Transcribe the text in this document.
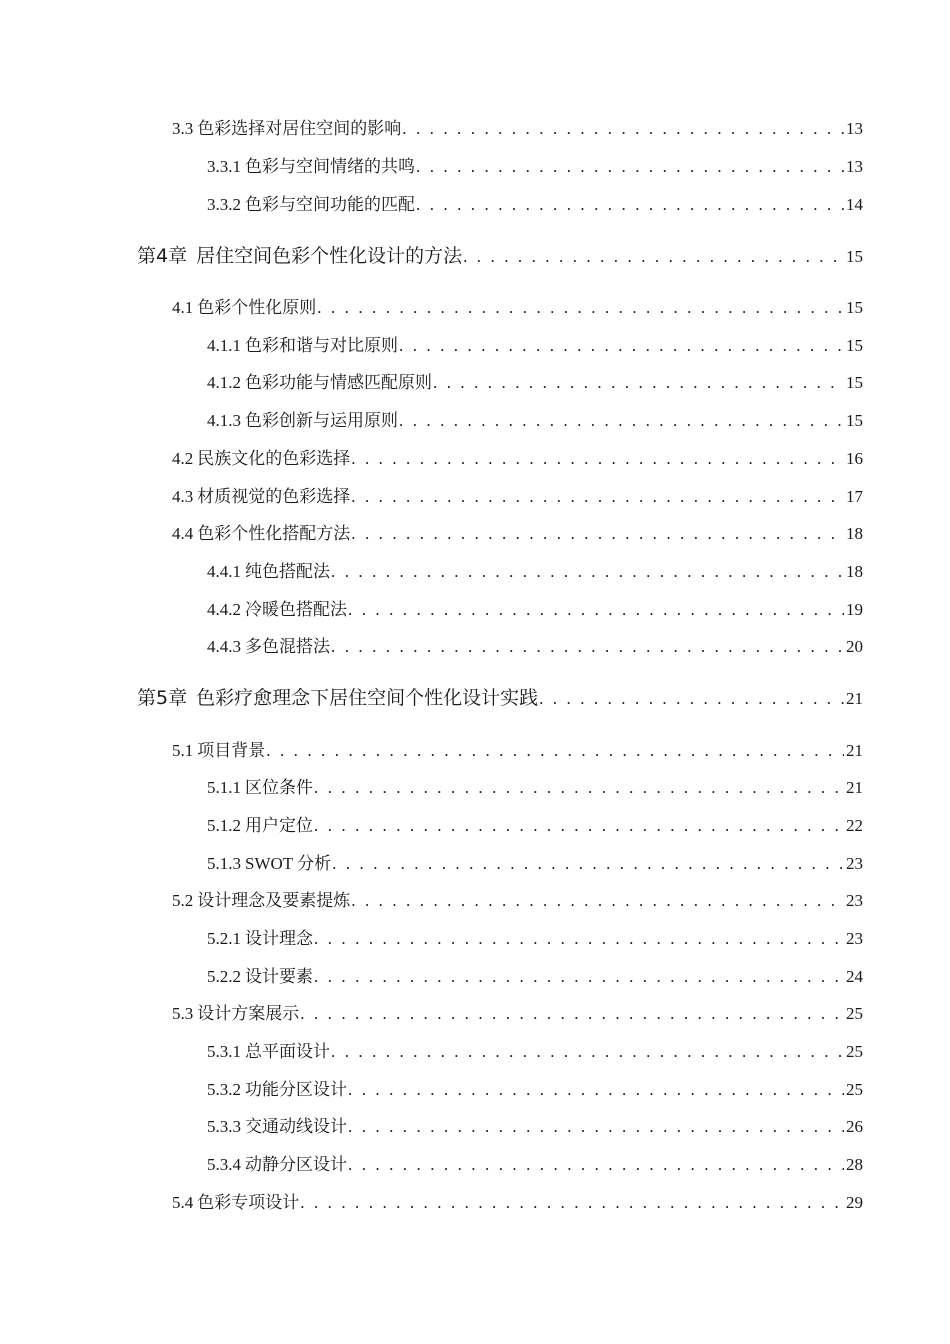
3.3 色彩选择对居住空间的影响 . . .	13
3.3.1 色彩与空间情绪的共鸣 . . .	13
3.3.2 色彩与空间功能的匹配 . . .	14
第4章 居住空间色彩个性化设计的方法 . . .	15
4.1 色彩个性化原则 . . .	15
4.1.1 色彩和谐与对比原则 . . .	15
4.1.2 色彩功能与情感匹配原则 . . .	15
4.1.3 色彩创新与运用原则 . . .	15
4.2 民族文化的色彩选择 . . .	16
4.3 材质视觉的色彩选择 . . .	17
4.4 色彩个性化搭配方法 . . .	18
4.4.1 纯色搭配法 . . .	18
4.4.2 冷暖色搭配法 . . .	19
4.4.3 多色混搭法 . . .	20
第5章 色彩疗愈理念下居住空间个性化设计实践 . . .	21
5.1 项目背景 . . .	21
5.1.1 区位条件 . . .	21
5.1.2 用户定位 . . .	22
5.1.3 SWOT 分析 . . .	23
5.2 设计理念及要素提炼 . . .	23
5.2.1 设计理念 . . .	23
5.2.2 设计要素 . . .	24
5.3 设计方案展示 . . .	25
5.3.1 总平面设计 . . .	25
5.3.2 功能分区设计 . . .	25
5.3.3 交通动线设计 . . .	26
5.3.4 动静分区设计 . . .	28
5.4 色彩专项设计 . . .	29
